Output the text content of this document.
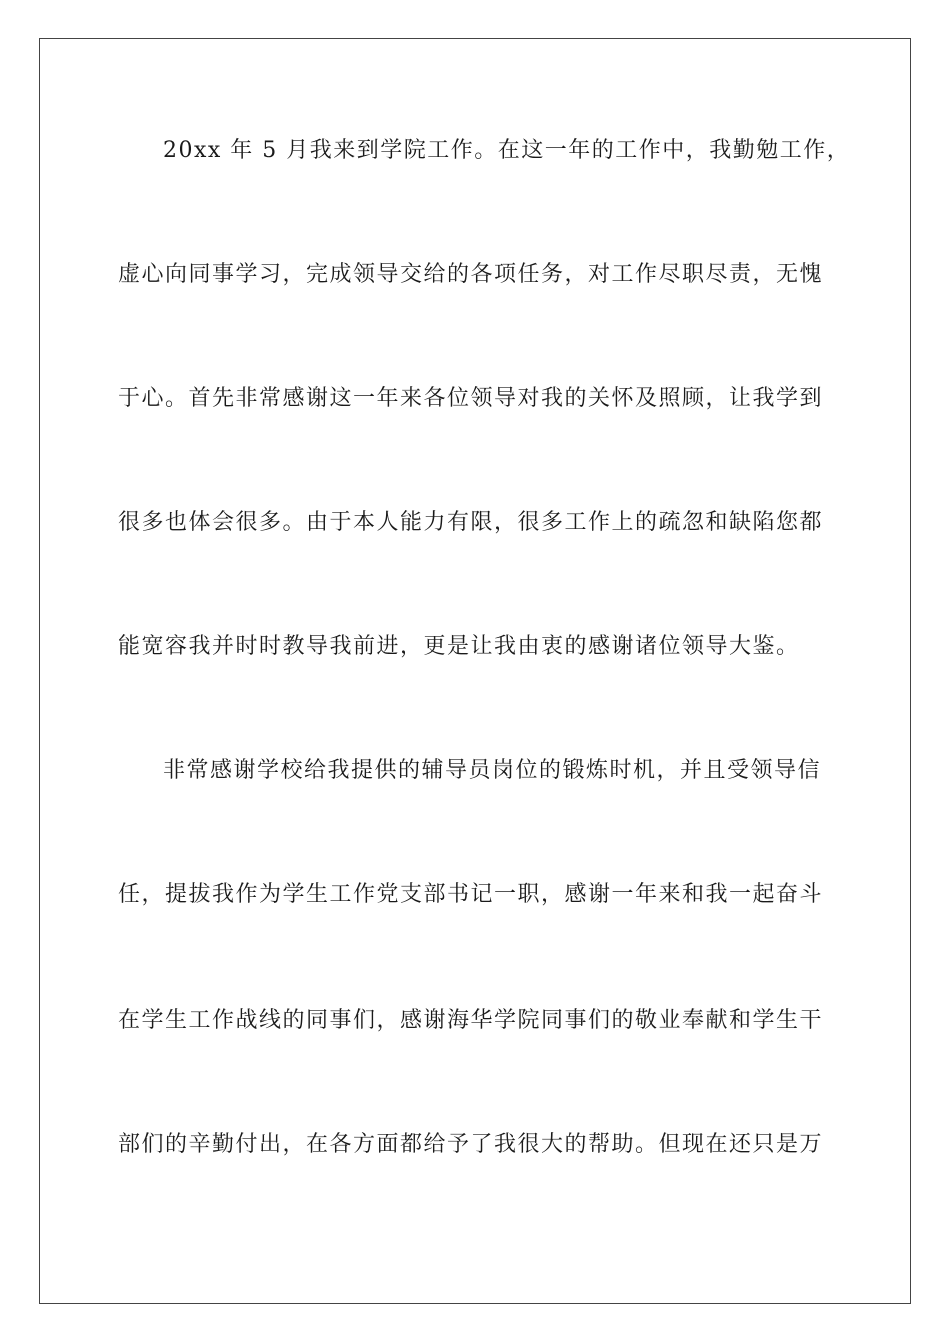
20xx 年 5 月我来到学院工作。在这一年的工作中，我勤勉工作，
虚心向同事学习，完成领导交给的各项任务，对工作尽职尽责，无愧
于心。首先非常感谢这一年来各位领导对我的关怀及照顾，让我学到
很多也体会很多。由于本人能力有限，很多工作上的疏忽和缺陷您都
能宽容我并时时教导我前进，更是让我由衷的感谢诸位领导大鉴。
非常感谢学校给我提供的辅导员岗位的锻炼时机，并且受领导信
任，提拔我作为学生工作党支部书记一职，感谢一年来和我一起奋斗
在学生工作战线的同事们，感谢海华学院同事们的敬业奉献和学生干
部们的辛勤付出，在各方面都给予了我很大的帮助。但现在还只是万
